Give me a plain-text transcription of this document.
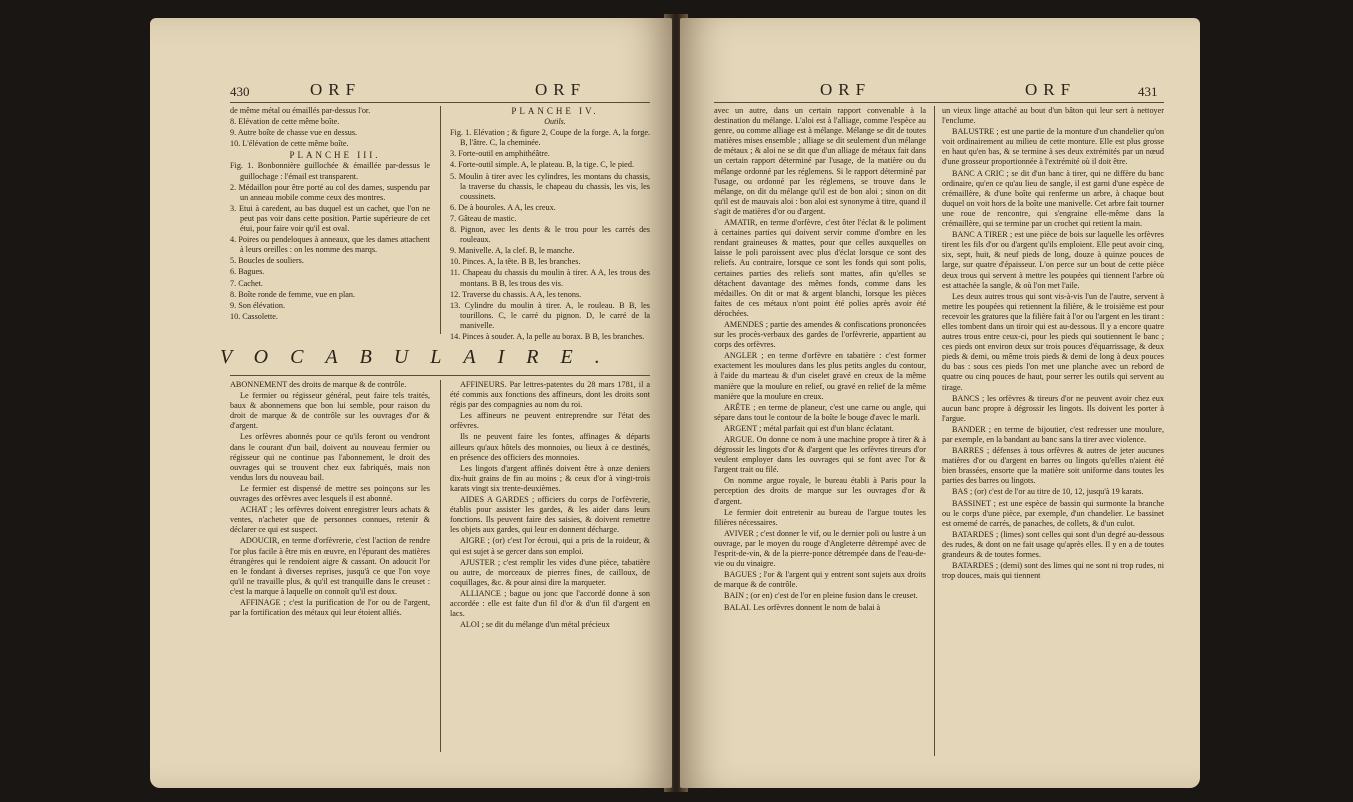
430	ORF	ORF

de même métal ou émaillés par-dessus l'or.

8. Elévation de cette même boîte.

9. Autre boîte de chasse vue en dessus.

10. L'élévation de cette même boîte.

PLANCHE III.

Fig. 1. Bonbonnière guillochée & émaillée par-dessus le guillochage : l'émail est transparent.

2. Médaillon pour être porté au col des dames, suspendu par un anneau mobile comme ceux des montres.

3. Etui à caredent, au bas duquel est un cachet, que l'on ne peut pas voir dans cette position. Partie supérieure de cet étui, pour faire voir qu'il est oval.

4. Poires ou pendeloques à anneaux, que les dames attachent à leurs oreilles : on les nomme des marqs.

5. Boucles de souliers.

6. Bagues.

7. Cachet.

8. Boîte ronde de femme, vue en plan.

9. Son élévation.

10. Cassolette.

PLANCHE IV.

Outils.

Fig. 1. Elévation ; & figure 2, Coupe de la forge. A, la forge. B, l'âtre. C, la cheminée.

3. Forte-outil en amphithéâtre.

4. Forte-outil simple. A, le plateau. B, la tige. C, le pied.

5. Moulin à tirer avec les cylindres, les montans du chassis, la traverse du chassis, le chapeau du chassis, les vis, les coussinets.

6. De à bouroles. A A, les creux.

7. Gâteau de mastic.

8. Pignon, avec les dents & le trou pour les carrés des rouleaux.

9. Manivelle. A, la clef. B, le manche.

10. Pinces. A, la tête. B B, les branches.

11. Chapeau du chassis du moulin à tirer. A A, les trous des montans. B B, les trous des vis.

12. Traverse du chassis. A A, les tenons.

13. Cylindre du moulin à tirer. A, le rouleau. B B, les tourillons. C, le carré du pignon. D, le carré de la manivelle.

14. Pinces à souder. A, la pelle au borax. B B, les branches.

VOCABULAIRE.

ABONNEMENT des droits de marque & de contrôle.

Le fermier ou régisseur général, peut faire tels traités, baux & abonnemens que bon lui semble, pour raison du droit de marque & de contrôle sur les ouvrages d'or & d'argent.

Les orfèvres abonnés pour ce qu'ils feront ou vendront dans le courant d'un bail, doivent au nouveau fermier ou régisseur qui ne continue pas l'abonnement, le droit des ouvrages qui se trouvent chez eux fabriqués, mais non vendus lors du nouveau bail.

Le fermier est dispensé de mettre ses poinçons sur les ouvrages des orfèvres avec lesquels il est abonné.

ACHAT ; les orfèvres doivent enregistrer leurs achats & ventes, n'acheter que de personnes connues, retenir & déclarer ce qui est suspect.

ADOUCIR, en terme d'orfèvrerie, c'est l'action de rendre l'or plus facile à être mis en œuvre, en l'épurant des matières étrangères qui le rendoient aigre & cassant. On adoucit l'or en le fondant à diverses reprises, jusqu'à ce que l'on voye qu'il ne travaille plus, & qu'il est tranquille dans le creuset : c'est la marque à laquelle on connoît qu'il est doux.

AFFINAGE ; c'est la purification de l'or ou de l'argent, par la fortification des métaux qui leur étoient alliés.

AFFINEURS. Par lettres-patentes du 28 mars 1781, il a été commis aux fonctions des affineurs, dont les droits sont régis par des compagnies au nom du roi.

Les affineurs ne peuvent entreprendre sur l'état des orfèvres.

Ils ne peuvent faire les fontes, affinages & départs ailleurs qu'aux hôtels des monnoies, ou lieux à ce destinés, en présence des officiers des monnoies.

Les lingots d'argent affinés doivent être à onze deniers dix-huit grains de fin au moins ; & ceux d'or à vingt-trois karats vingt six trente-deuxièmes.

AIDES A GARDES ; officiers du corps de l'orfèvrerie, établis pour assister les gardes, & les aider dans leurs fonctions. Ils peuvent faire des saisies, & doivent remettre les objets aux gardes, qui leur en donnent décharge.

AIGRE ; (or) c'est l'or écroui, qui a pris de la roideur, & qui est sujet à se gercer dans son emploi.

AJUSTER ; c'est remplir les vides d'une pièce, tabatière ou autre, de morceaux de pierres fines, de cailloux, de coquillages, &c. & pour ainsi dire la marqueter.

ALLIANCE ; bague ou jonc que l'accordé donne à son accordée : elle est faite d'un fil d'or & d'un fil d'argent en lacs.

ALOI ; se dit du mélange d'un métal précieux

ORF	ORF	431

avec un autre, dans un certain rapport convenable à la destination du mélange. L'aloi est à l'alliage, comme l'espèce au genre, ou comme alliage est à mélange. Mélange se dit de toutes matières mises ensemble ; alliage se dit seulement d'un mélange de métaux ; & aloi ne se dit que d'un alliage de métaux fait dans un certain rapport déterminé par l'usage, de la matière ou du mélange ordonné par les réglemens. Si le rapport déterminé par l'usage, ou ordonné par les réglemens, se trouve dans le mélange, on dit du mélange qu'il est de bon aloi ; sinon on dit qu'il est de mauvais aloi : bon aloi est synonyme à titre, quand il s'agit de matières d'or ou d'argent.

AMATIR, en terme d'orfèvre, c'est ôter l'éclat & le poliment à certaines parties qui doivent servir comme d'ombre en les rendant graineuses & mattes, pour que celles auxquelles on laisse le poli paroissent avec plus d'éclat lorsque ce sont des reliefs. Au contraire, lorsque ce sont les fonds qui sont polis, certaines parties des reliefs sont mattes, afin qu'elles se détachent davantage des mêmes fonds, comme dans les médailles. On dit or mat & argent blanchi, lorsque les pièces faites de ces métaux n'ont point été polies après avoir été dérochées.

AMENDES ; partie des amendes & confiscations prononcées sur les procès-verbaux des gardes de l'orfèvrerie, appartient au corps des orfèvres.

ANGLER ; en terme d'orfèvre en tabatière : c'est former exactement les moulures dans les plus petits angles du contour, à l'aide du marteau & d'un ciselet gravé en creux de la même manière que la moulure en relief, ou gravé en relief de la même manière que la moulure en creux.

ARÊTE ; en terme de planeur, c'est une carne ou angle, qui sépare dans tout le contour de la boîte le bouge d'avec le marli.

ARGENT ; métal parfait qui est d'un blanc éclatant.

ARGUE. On donne ce nom à une machine propre à tirer & à dégrossir les lingots d'or & d'argent que les orfèvres tireurs d'or veulent employer dans les ouvrages qui se font avec l'or & l'argent trait ou filé.

On nomme argue royale, le bureau établi à Paris pour la perception des droits de marque sur les ouvrages d'or & d'argent.

Le fermier doit entretenir au bureau de l'argue toutes les filières nécessaires.

AVIVER ; c'est donner le vif, ou le dernier poli ou lustre à un ouvrage, par le moyen du rouge d'Angleterre détrempé avec de l'esprit-de-vin, & de la pierre-ponce détrempée dans de l'eau-de-vie ou du vinaigre.

BAGUES ; l'or & l'argent qui y entrent sont sujets aux droits de marque & de contrôle.

BAIN ; (or en) c'est de l'or en pleine fusion dans le creuset.

BALAI. Les orfèvres donnent le nom de balai à

un vieux linge attaché au bout d'un bâton qui leur sert à nettoyer l'enclume.

BALUSTRE ; est une partie de la monture d'un chandelier qu'on voit ordinairement au milieu de cette monture. Elle est plus grosse en haut qu'en bas, & se termine à ses deux extrémités par un nœud d'une grosseur proportionnée à l'extrémité où il doit être.

BANC A CRIC ; se dit d'un banc à tirer, qui ne diffère du banc ordinaire, qu'en ce qu'au lieu de sangle, il est garni d'une espèce de crémaillère, & d'une boîte qui renferme un arbre, à chaque bout duquel on voit hors de la boîte une manivelle. Cet arbre fait tourner une roue de rencontre, qui s'engraine elle-même dans la crémaillère, qui se termine par un crochet qui retient la main.

BANC A TIRER ; est une pièce de bois sur laquelle les orfèvres tirent les fils d'or ou d'argent qu'ils emploient. Elle peut avoir cinq, six, sept, huit, & neuf pieds de long, douze à quinze pouces de large, sur quatre d'épaisseur. L'on perce sur un bout de cette pièce deux trous qui servent à mettre les poupées qui tiennent l'arbre où est attachée la sangle, & où l'on met l'aile.

Les deux autres trous qui sont vis-à-vis l'un de l'autre, servent à mettre les poupées qui retiennent la filière, & le troisième est pour recevoir les gratures que la filière fait à l'or ou l'argent en les tirant : elles tombent dans un tiroir qui est au-dessous. Il y a encore quatre autres trous entre ceux-ci, pour les pieds qui soutiennent le banc ; ces pieds ont environ deux sur trois pouces d'équarrissage, & deux pieds & demi, ou même trois pieds & demi de long à deux pouces du bas : sous ces pieds l'on met une planche avec un rebord de quatre ou cinq pouces de haut, pour serrer les outils qui servent au tirage.

BANCS ; les orfèvres & tireurs d'or ne peuvent avoir chez eux aucun banc propre à dégrossir les lingots. Ils doivent les porter à l'argue.

BANDER ; en terme de bijoutier, c'est redresser une moulure, par exemple, en la bandant au banc sans la tirer avec violence.

BARRES ; défenses à tous orfèvres & autres de jeter aucunes matières d'or ou d'argent en barres ou lingots qu'elles n'aient été bien brassées, ensorte que la matière soit uniforme dans toutes les parties des barres ou lingots.

BAS ; (or) c'est de l'or au titre de 10, 12, jusqu'à 19 karats.

BASSINET ; est une espèce de bassin qui surmonte la branche ou le corps d'une pièce, par exemple, d'un chandelier. Le bassinet est ornemé de carrés, de panaches, de collets, & d'un culot.

BATARDES ; (limes) sont celles qui sont d'un degré au-dessous des rudes, & dont on ne fait usage qu'après elles. Il y en a de toutes grandeurs & de toutes formes.

BATARDES ; (demi) sont des limes qui ne sont ni trop rudes, ni trop douces, mais qui tiennent
